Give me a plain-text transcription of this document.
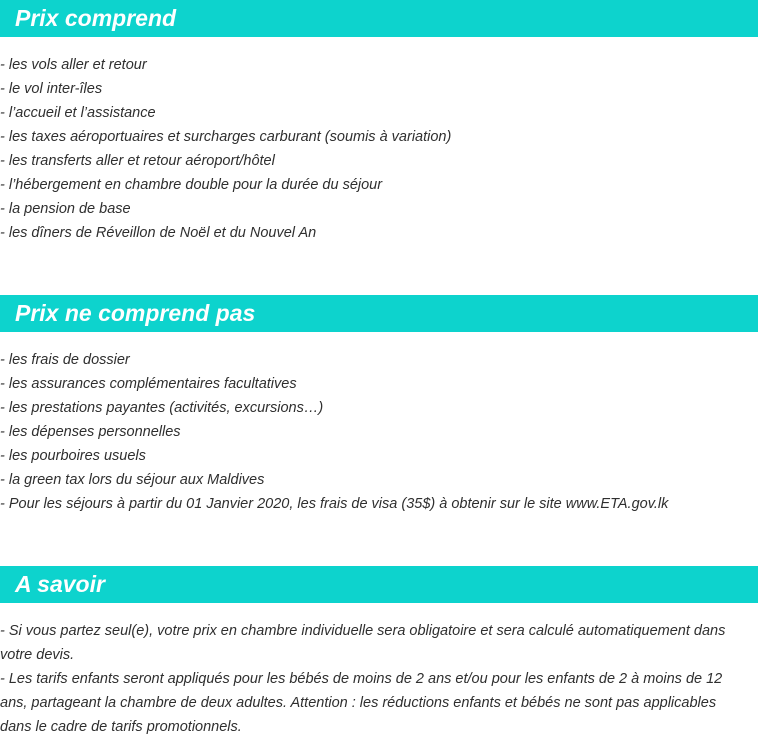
Prix comprend
- les vols aller et retour
- le vol inter-îles
- l’accueil et l’assistance
- les taxes aéroportuaires et surcharges carburant (soumis à variation)
- les transferts aller et retour aéroport/hôtel
- l’hébergement en chambre double pour la durée du séjour
- la pension de base
- les dîners de Réveillon de Noël et du Nouvel An
Prix ne comprend pas
- les frais de dossier
- les assurances complémentaires facultatives
- les prestations payantes (activités, excursions…)
- les dépenses personnelles
- les pourboires usuels
- la green tax lors du séjour aux Maldives
- Pour les séjours à partir du 01 Janvier 2020, les frais de visa (35$) à obtenir sur le site www.ETA.gov.lk
A savoir

- Si vous partez seul(e), votre prix en chambre individuelle sera obligatoire et sera calculé automatiquement dans votre devis.

- Les tarifs enfants seront appliqués pour les bébés de moins de 2 ans et/ou pour les enfants de 2 à moins de 12 ans, partageant la chambre de deux adultes. Attention : les réductions enfants et bébés ne sont pas applicables dans le cadre de tarifs promotionnels.
